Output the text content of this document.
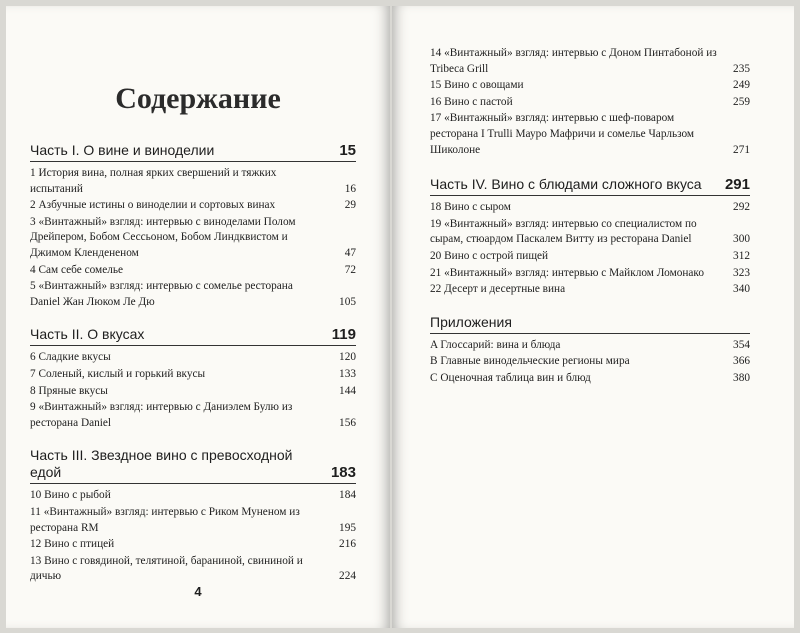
Содержание
Часть I. О вине и виноделии	15
1 История вина, полная ярких свершений и тяжких испытаний	16
2 Азбучные истины о виноделии и сортовых винах	29
3 «Винтажный» взгляд: интервью с виноделами Полом Дрейпером, Бобом Сессьоном, Бобом Линдквистом и Джимом Клендененом	47
4 Сам себе сомелье	72
5 «Винтажный» взгляд: интервью с сомелье ресторана Daniel Жан Люком Ле Дю	105
Часть II. О вкусах	119
6 Сладкие вкусы	120
7 Соленый, кислый и горький вкусы	133
8 Пряные вкусы	144
9 «Винтажный» взгляд: интервью с Даниэлем Булю из ресторана Daniel	156
Часть III. Звездное вино с превосходной едой	183
10 Вино с рыбой	184
11 «Винтажный» взгляд: интервью с Риком Муненом из ресторана RM	195
12 Вино с птицей	216
13 Вино с говядиной, телятиной, бараниной, свининой и дичью	224
4
14 «Винтажный» взгляд: интервью с Доном Пинтабоной из Tribeca Grill	235
15 Вино с овощами	249
16 Вино с пастой	259
17 «Винтажный» взгляд: интервью с шеф-поваром ресторана I Trulli Мауро Мафричи и сомелье Чарльзом Шиколоне	271
Часть IV. Вино с блюдами сложного вкуса	291
18 Вино с сыром	292
19 «Винтажный» взгляд: интервью со специалистом по сырам, стюардом Паскалем Витту из ресторана Daniel	300
20 Вино с острой пищей	312
21 «Винтажный» взгляд: интервью с Майклом Ломонако	323
22 Десерт и десертные вина	340
Приложения
A Глоссарий: вина и блюда	354
B Главные винодельческие регионы мира	366
C Оценочная таблица вин и блюд	380
